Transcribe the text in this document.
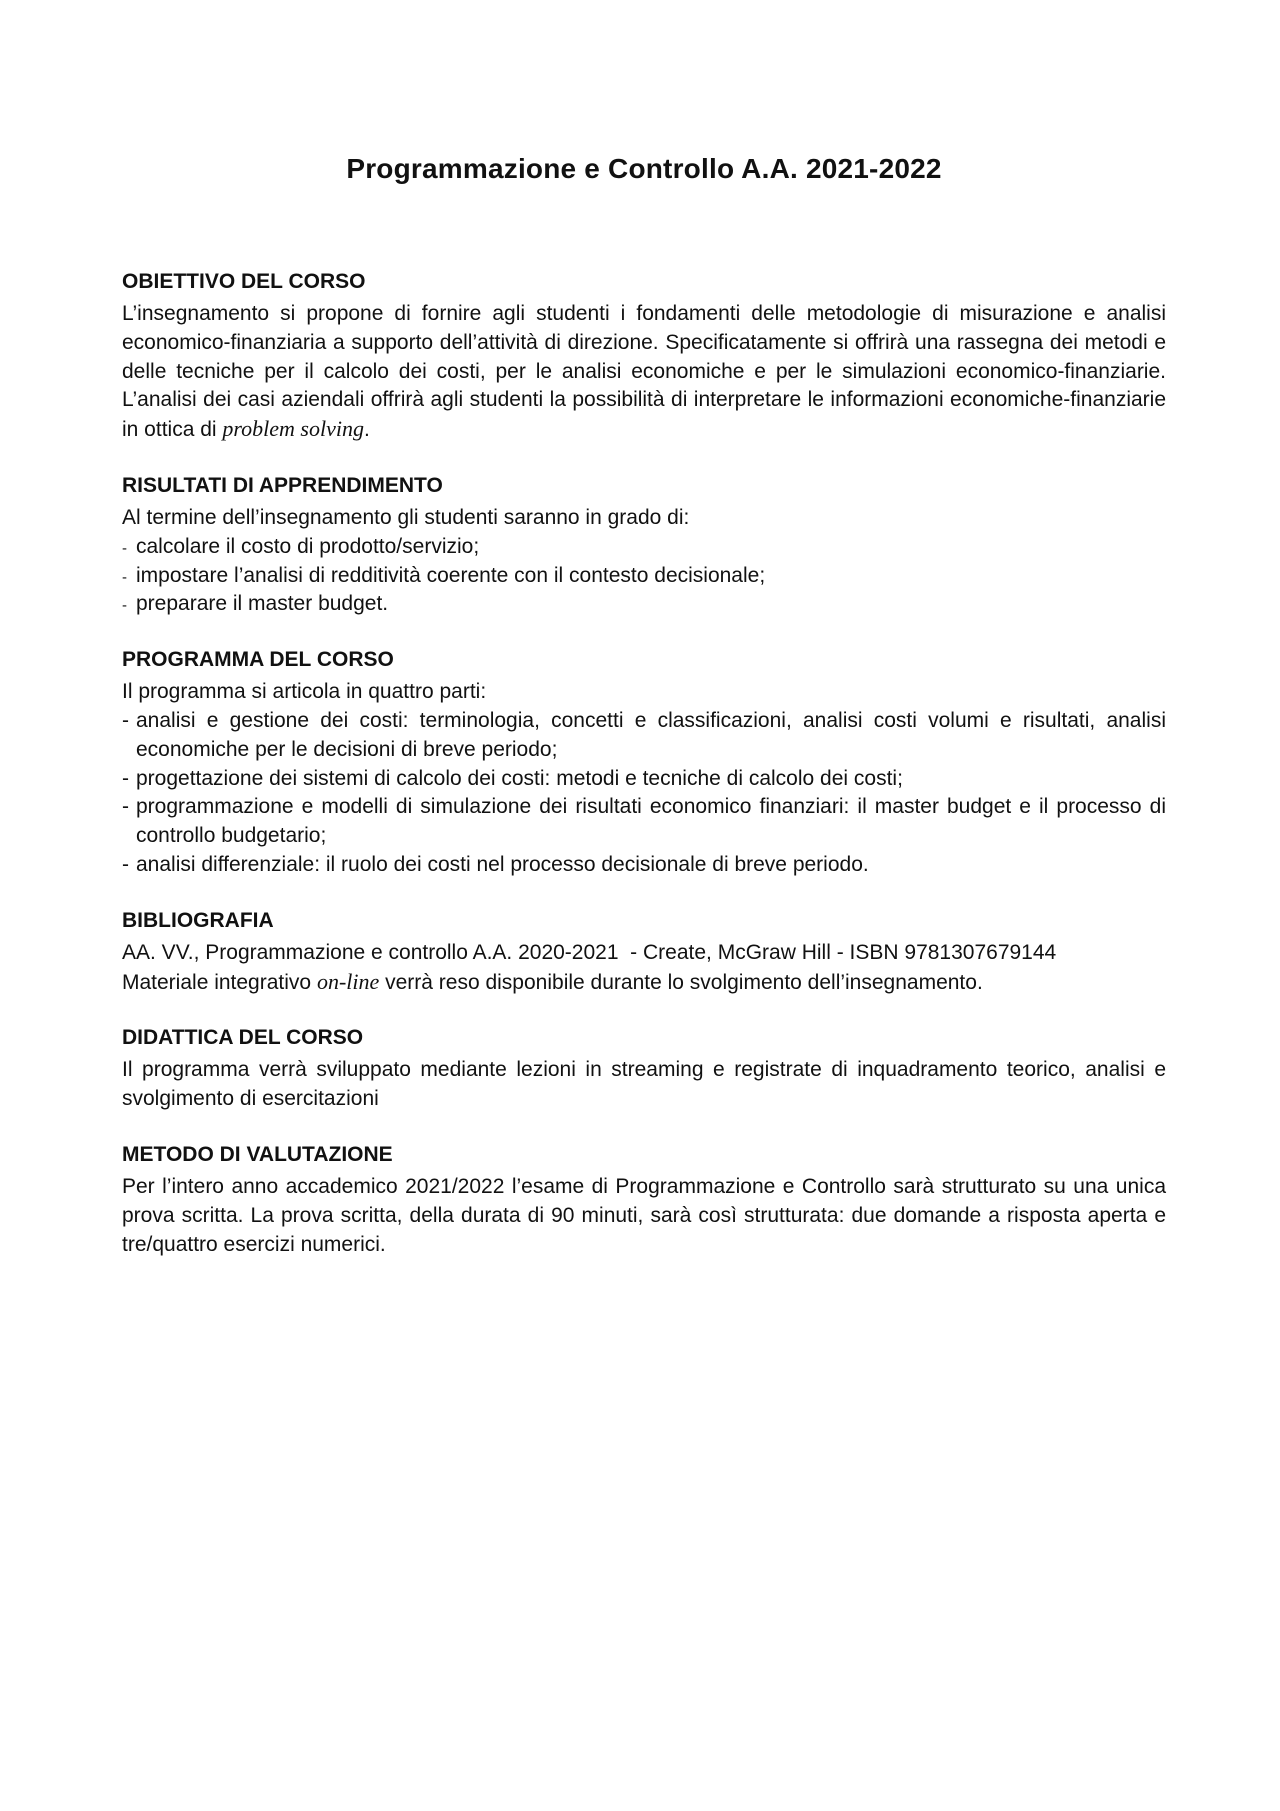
Programmazione e Controllo A.A. 2021-2022
OBIETTIVO DEL CORSO

L’insegnamento si propone di fornire agli studenti i fondamenti delle metodologie di misurazione e analisi economico-finanziaria a supporto dell’attività di direzione. Specificatamente si offrirà una rassegna dei metodi e delle tecniche per il calcolo dei costi, per le analisi economiche e per le simulazioni economico-finanziarie. L’analisi dei casi aziendali offrirà agli studenti la possibilità di interpretare le informazioni economiche-finanziarie in ottica di problem solving.

RISULTATI DI APPRENDIMENTO

Al termine dell’insegnamento gli studenti saranno in grado di:

- calcolare il costo di prodotto/servizio;
- impostare l’analisi di redditività coerente con il contesto decisionale;
- preparare il master budget.
PROGRAMMA DEL CORSO

Il programma si articola in quattro parti:

- analisi e gestione dei costi: terminologia, concetti e classificazioni, analisi costi volumi e risultati, analisi economiche per le decisioni di breve periodo;
- progettazione dei sistemi di calcolo dei costi: metodi e tecniche di calcolo dei costi;
- programmazione e modelli di simulazione dei risultati economico finanziari: il master budget e il processo di controllo budgetario;
- analisi differenziale: il ruolo dei costi nel processo decisionale di breve periodo.
BIBLIOGRAFIA

AA. VV., Programmazione e controllo A.A. 2020-2021  - Create, McGraw Hill - ISBN 9781307679144

Materiale integrativo on-line verrà reso disponibile durante lo svolgimento dell’insegnamento.

DIDATTICA DEL CORSO

Il programma verrà sviluppato mediante lezioni in streaming e registrate di inquadramento teorico, analisi e svolgimento di esercitazioni

METODO DI VALUTAZIONE

Per l’intero anno accademico 2021/2022 l’esame di Programmazione e Controllo sarà strutturato su una unica prova scritta. La prova scritta, della durata di 90 minuti, sarà così strutturata: due domande a risposta aperta e tre/quattro esercizi numerici.
